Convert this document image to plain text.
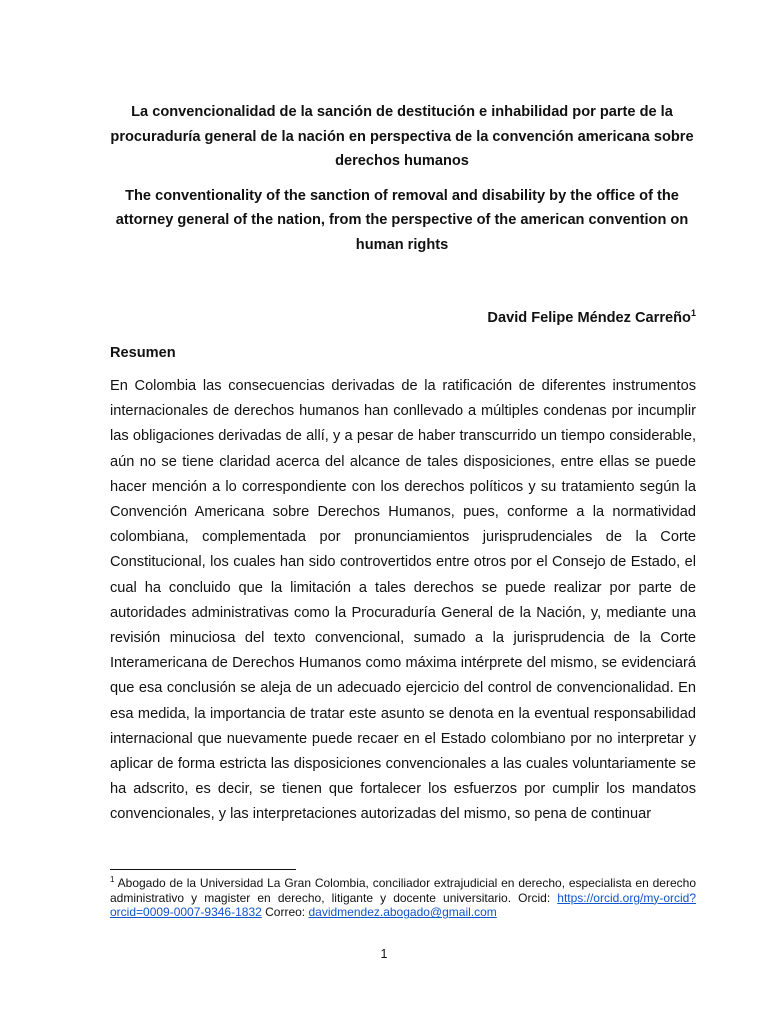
La convencionalidad de la sanción de destitución e inhabilidad por parte de la procuraduría general de la nación en perspectiva de la convención americana sobre derechos humanos

The conventionality of the sanction of removal and disability by the office of the attorney general of the nation, from the perspective of the american convention on human rights

David Felipe Méndez Carreño$^1$
Resumen

En Colombia las consecuencias derivadas de la ratificación de diferentes instrumentos internacionales de derechos humanos han conllevado a múltiples condenas por incumplir las obligaciones derivadas de allí, y a pesar de haber transcurrido un tiempo considerable, aún no se tiene claridad acerca del alcance de tales disposiciones, entre ellas se puede hacer mención a lo correspondiente con los derechos políticos y su tratamiento según la Convención Americana sobre Derechos Humanos, pues, conforme a la normatividad colombiana, complementada por pronunciamientos jurisprudenciales de la Corte Constitucional, los cuales han sido controvertidos entre otros por el Consejo de Estado, el cual ha concluido que la limitación a tales derechos se puede realizar por parte de autoridades administrativas como la Procuraduría General de la Nación, y, mediante una revisión minuciosa del texto convencional, sumado a la jurisprudencia de la Corte Interamericana de Derechos Humanos como máxima intérprete del mismo, se evidenciará que esa conclusión se aleja de un adecuado ejercicio del control de convencionalidad. En esa medida, la importancia de tratar este asunto se denota en la eventual responsabilidad internacional que nuevamente puede recaer en el Estado colombiano por no interpretar y aplicar de forma estricta las disposiciones convencionales a las cuales voluntariamente se ha adscrito, es decir, se tienen que fortalecer los esfuerzos por cumplir los mandatos convencionales, y las interpretaciones autorizadas del mismo, so pena de continuar

$^1$ Abogado de la Universidad La Gran Colombia, conciliador extrajudicial en derecho, especialista en derecho administrativo y magister en derecho, litigante y docente universitario. Orcid: https://orcid.org/my-orcid?orcid=0009-0007-9346-1832 Correo: davidmendez.abogado@gmail.com

1
